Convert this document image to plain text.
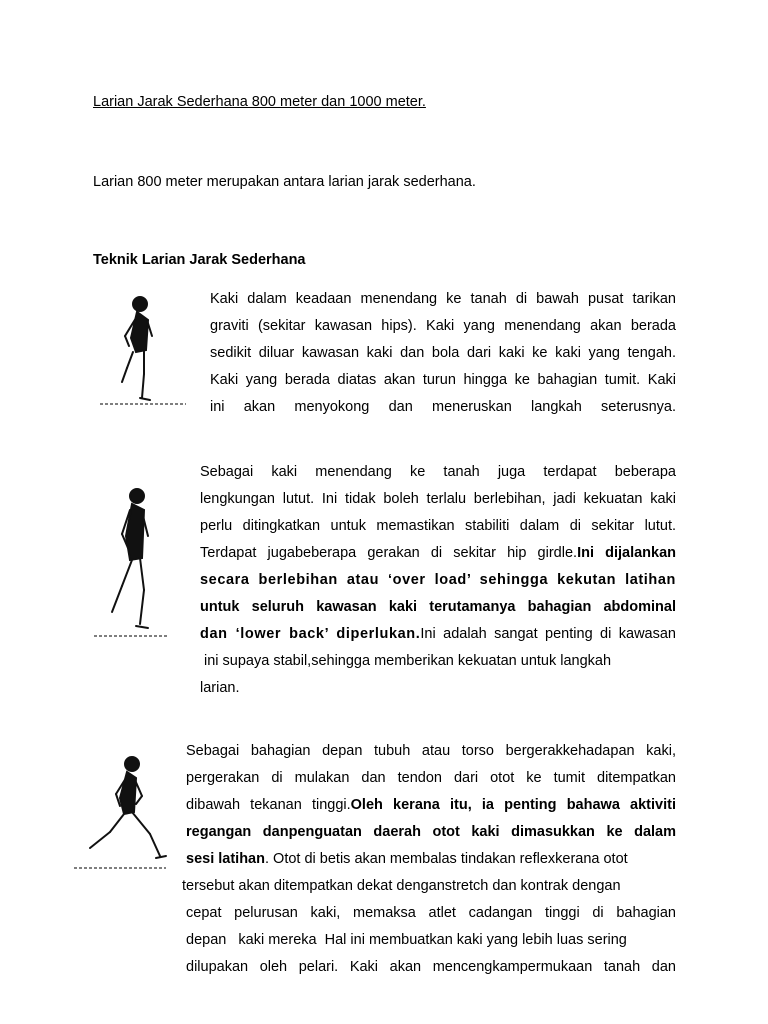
Larian Jarak Sederhana 800 meter dan 1000 meter.
Larian 800 meter merupakan antara larian jarak sederhana.
Teknik Larian Jarak Sederhana
Kaki dalam keadaan menendang ke tanah di bawah pusat tarikan
graviti (sekitar kawasan hips). Kaki yang menendang akan berada
sedikit diluar kawasan kaki dan bola dari kaki ke kaki yang tengah.
Kaki yang berada diatas akan turun hingga ke bahagian tumit. Kaki
ini akan menyokong dan meneruskan langkah seterusnya.
Sebagai kaki menendang ke tanah juga terdapat beberapa
lengkungan lutut. Ini tidak boleh terlalu berlebihan, jadi kekuatan kaki
perlu ditingkatkan untuk memastikan stabiliti dalam di sekitar lutut.
Terdapat jugabeberapa gerakan di sekitar hip girdle.Ini dijalankan
secara berlebihan atau ‘over load’ sehingga kekutan latihan
untuk seluruh kawasan kaki terutamanya bahagian abdominal
dan ‘lower back’ diperlukan.Ini adalah sangat penting di kawasan
ini supaya stabil,sehingga memberikan kekuatan untuk langkah
larian.
Sebagai bahagian depan tubuh atau torso bergerakkehadapan kaki,
pergerakan di mulakan dan tendon dari otot ke tumit ditempatkan
dibawah tekanan tinggi.Oleh kerana itu, ia penting bahawa aktiviti
regangan danpenguatan daerah otot kaki dimasukkan ke dalam
sesi latihan. Otot di betis akan membalas tindakan reflexkerana otot
tersebut akan ditempatkan dekat denganstretch dan kontrak dengan
cepat pelurusan kaki, memaksa atlet cadangan tinggi di bahagian
depan   kaki mereka  Hal ini membuatkan kaki yang lebih luas sering
dilupakan oleh pelari. Kaki akan mencengkampermukaan tanah dan
